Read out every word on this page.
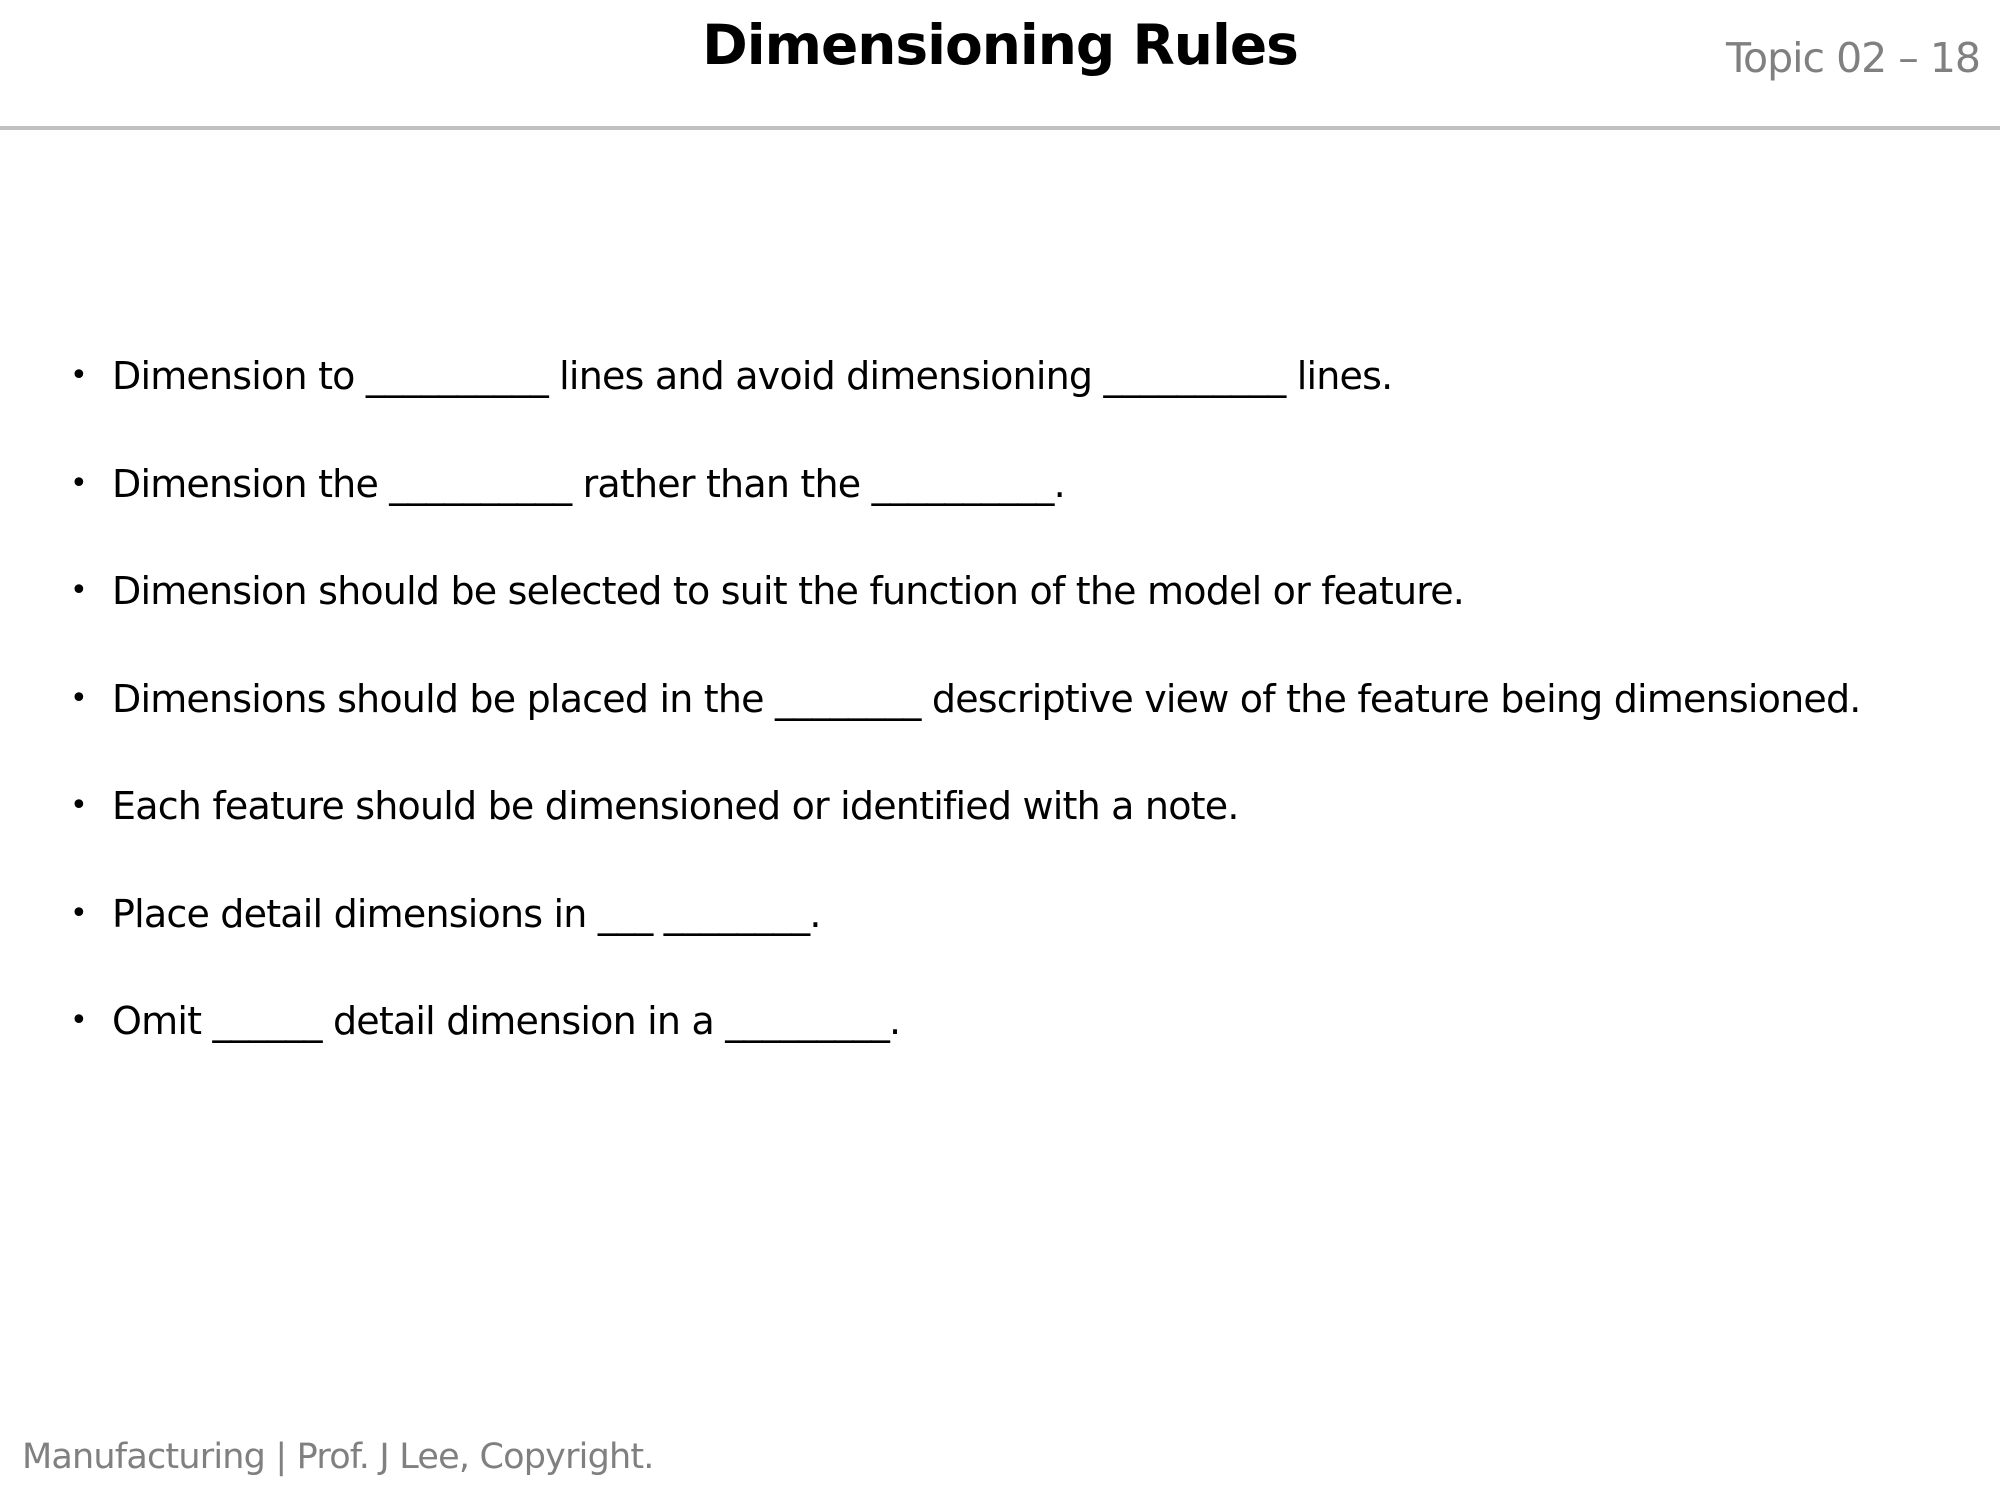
Dimensioning Rules	Topic 02 – 18

•

Dimension to __________ lines and avoid dimensioning __________ lines.

•

Dimension the __________ rather than the __________.

•

Dimension should be selected to suit the function of the model or feature.

•

Dimensions should be placed in the ________ descriptive view of the feature being dimensioned.

•

Each feature should be dimensioned or identified with a note.

•

Place detail dimensions in ___ ________.

•

Omit ______ detail dimension in a _________.

Manufacturing | Prof. J Lee, Copyright.
